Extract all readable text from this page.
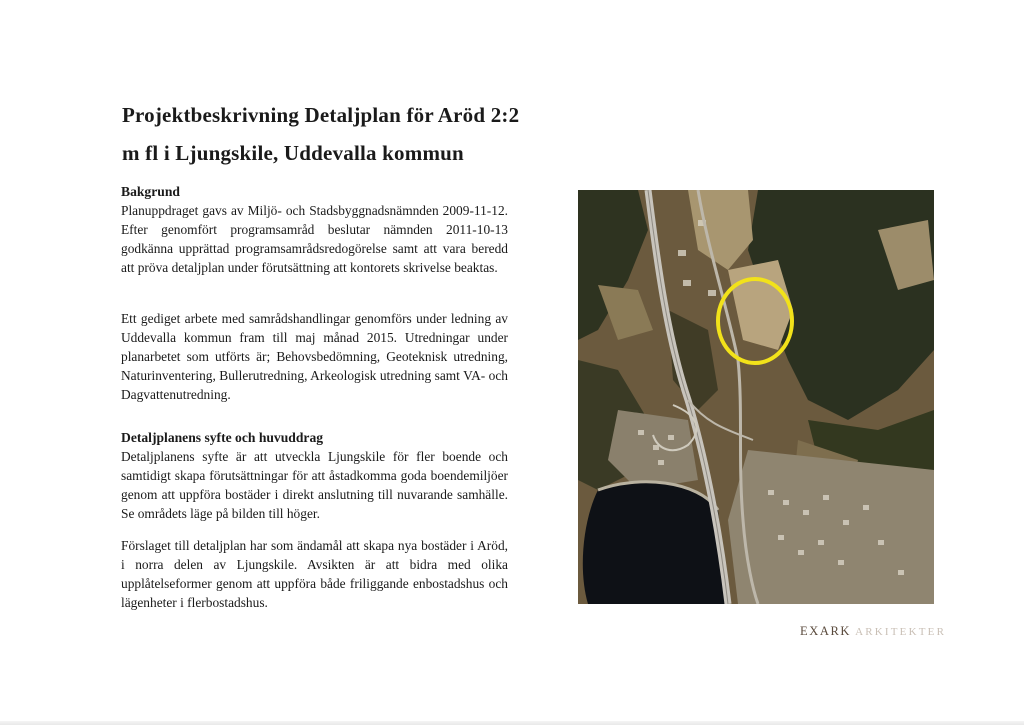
Projektbeskrivning Detaljplan för Aröd 2:2
m fl i Ljungskile, Uddevalla kommun
Bakgrund

Planuppdraget gavs av Miljö- och Stadsbyggnadsnämnden 2009-11-12. Efter genomfört programsamråd beslutar nämnden 2011-10-13 godkänna upprättad programsamrådsredogörelse samt att vara beredd att pröva detaljplan under förutsättning att kontorets skrivelse beaktas.

Ett gediget arbete med samrådshandlingar genomförs under ledning av Uddevalla kommun fram till maj månad 2015. Utredningar under planarbetet som utförts är; Behovsbedömning, Geoteknisk utredning, Naturinventering, Bullerutredning, Arkeologisk utredning samt VA- och Dagvattenutredning.

Detaljplanens syfte och huvuddrag

Detaljplanens syfte är att utveckla Ljungskile för fler boende och samtidigt skapa förutsättningar för att åstadkomma goda boendemiljöer genom att uppföra bostäder i direkt anslutning till nuvarande samhälle. Se områdets läge på bilden till höger.

Förslaget till detaljplan har som ändamål att skapa nya bostäder i Aröd, i norra delen av Ljungskile. Avsikten är att bidra med olika upplåtelseformer genom att uppföra både friliggande enbostadshus och lägenheter i flerbostadshus.

EXARK ARKITEKTER
